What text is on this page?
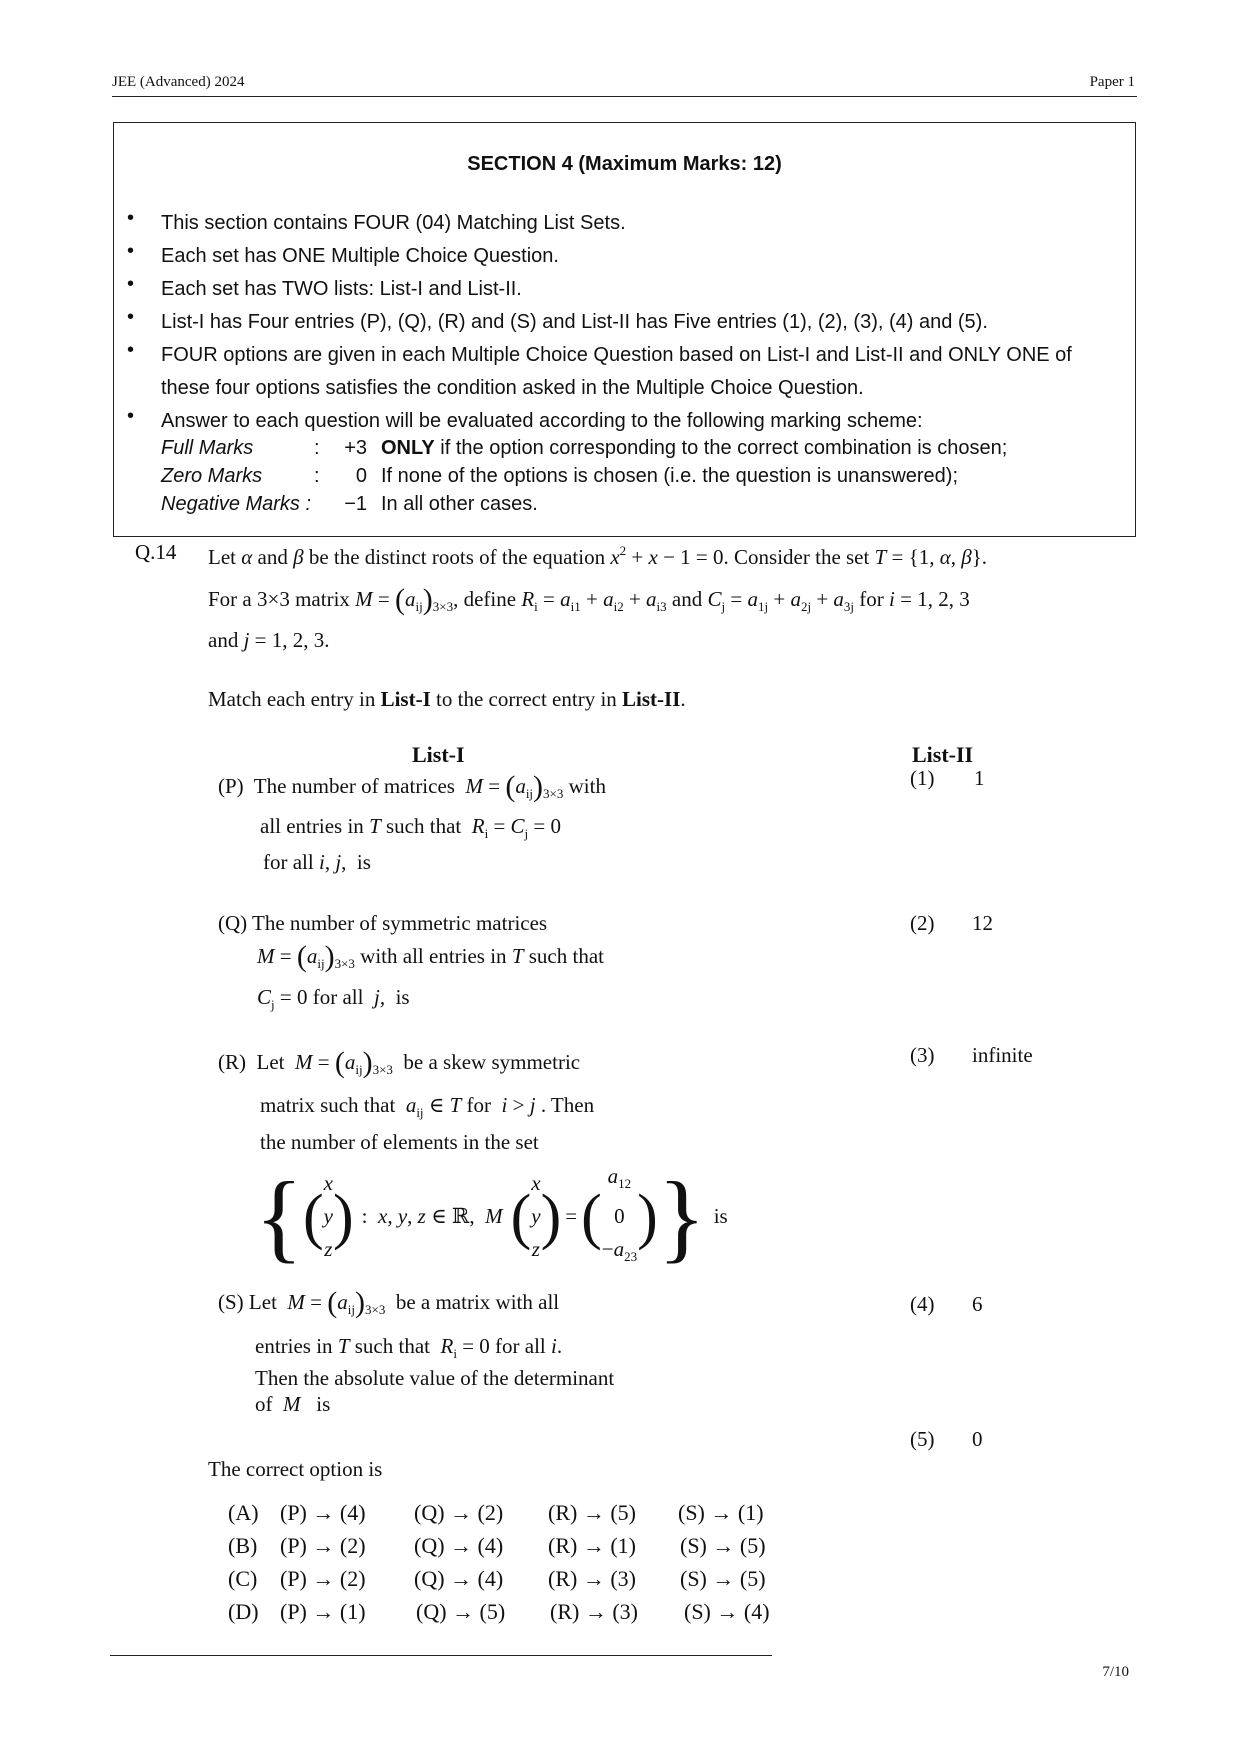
JEE (Advanced) 2024	Paper 1
SECTION 4 (Maximum Marks: 12)
• This section contains FOUR (04) Matching List Sets.
• Each set has ONE Multiple Choice Question.
• Each set has TWO lists: List-I and List-II.
• List-I has Four entries (P), (Q), (R) and (S) and List-II has Five entries (1), (2), (3), (4) and (5).
• FOUR options are given in each Multiple Choice Question based on List-I and List-II and ONLY ONE of these four options satisfies the condition asked in the Multiple Choice Question.
• Answer to each question will be evaluated according to the following marking scheme:
Full Marks	:	+3 ONLY if the option corresponding to the correct combination is chosen;
Zero Marks	:	0 If none of the options is chosen (i.e. the question is unanswered);
Negative Marks :	−1 In all other cases.
Q.14 Let α and β be the distinct roots of the equation $x^2 + x - 1 = 0$. Consider the set T = {1, α, β}.
For a 3×3 matrix $M = (a_{ij})_{3\times 3}$, define $R_i = a_{i1} + a_{i2} + a_{i3}$ and $C_j = a_{1j} + a_{2j} + a_{3j}$ for i = 1, 2, 3
and j = 1, 2, 3.
Match each entry in List-I to the correct entry in List-II.
List-I	List-II
(P)  The number of matrices  $M = (a_{ij})_{3\times 3}$ with
all entries in T such that  $R_i = C_j = 0$
for all i, j,  is
(Q) The number of symmetric matrices
$M = (a_{ij})_{3\times 3}$ with all entries in T such that
$C_j = 0$ for all  j,  is
(R)  Let  $M = (a_{ij})_{3\times 3}$  be a skew symmetric
matrix such that  $a_{ij}$ ∈ T for  i > j . Then
the number of elements in the set
{ ( x
y
z ) :  x, y, z ∈ ℝ,  M ( x
y
z ) = (
$a_{12}$
0
$-a_{23}$
) } is
(S) Let  $M = (a_{ij})_{3\times 3}$  be a matrix with all
entries in T such that  $R_i = 0$ for all i.
Then the absolute value of the determinant
of  M   is
(1) 1
(2) 12
(3) infinite
(4) 6
(5) 0
The correct option is
(A) (P) → (4) (Q) → (2) (R) → (5) (S) → (1)
(B) (P) → (2) (Q) → (4) (R) → (1) (S) → (5)
(C) (P) → (2) (Q) → (4) (R) → (3) (S) → (5)
(D) (P) → (1) (Q) → (5) (R) → (3) (S) → (4)
7/10
